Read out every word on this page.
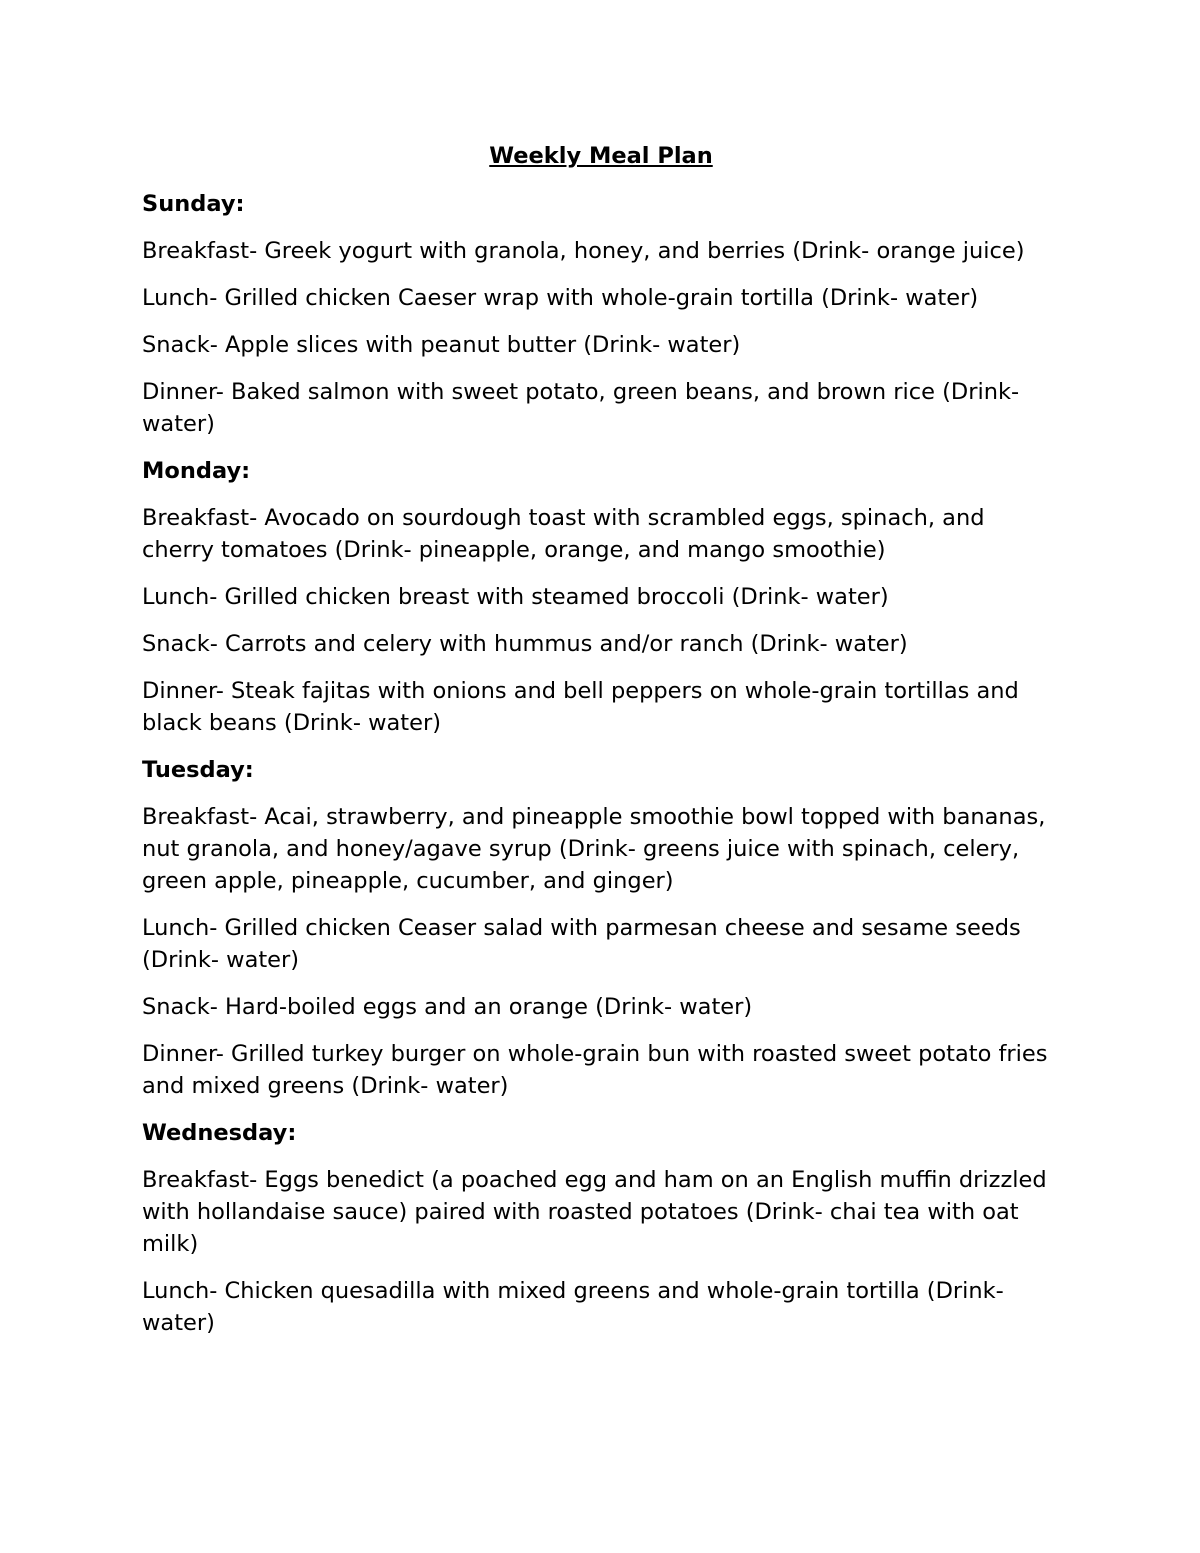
Weekly Meal Plan
Sunday:
Breakfast- Greek yogurt with granola, honey, and berries (Drink- orange juice)
Lunch- Grilled chicken Caeser wrap with whole-grain tortilla (Drink- water)
Snack- Apple slices with peanut butter (Drink- water)
Dinner- Baked salmon with sweet potato, green beans, and brown rice (Drink- water)
Monday:
Breakfast- Avocado on sourdough toast with scrambled eggs, spinach, and cherry tomatoes (Drink- pineapple, orange, and mango smoothie)
Lunch- Grilled chicken breast with steamed broccoli (Drink- water)
Snack- Carrots and celery with hummus and/or ranch (Drink- water)
Dinner- Steak fajitas with onions and bell peppers on whole-grain tortillas and black beans (Drink- water)
Tuesday:
Breakfast- Acai, strawberry, and pineapple smoothie bowl topped with bananas, nut granola, and honey/agave syrup (Drink- greens juice with spinach, celery, green apple, pineapple, cucumber, and ginger)
Lunch- Grilled chicken Ceaser salad with parmesan cheese and sesame seeds (Drink- water)
Snack- Hard-boiled eggs and an orange (Drink- water)
Dinner- Grilled turkey burger on whole-grain bun with roasted sweet potato fries and mixed greens (Drink- water)
Wednesday:
Breakfast- Eggs benedict (a poached egg and ham on an English muffin drizzled with hollandaise sauce) paired with roasted potatoes (Drink- chai tea with oat milk)
Lunch- Chicken quesadilla with mixed greens and whole-grain tortilla (Drink- water)
